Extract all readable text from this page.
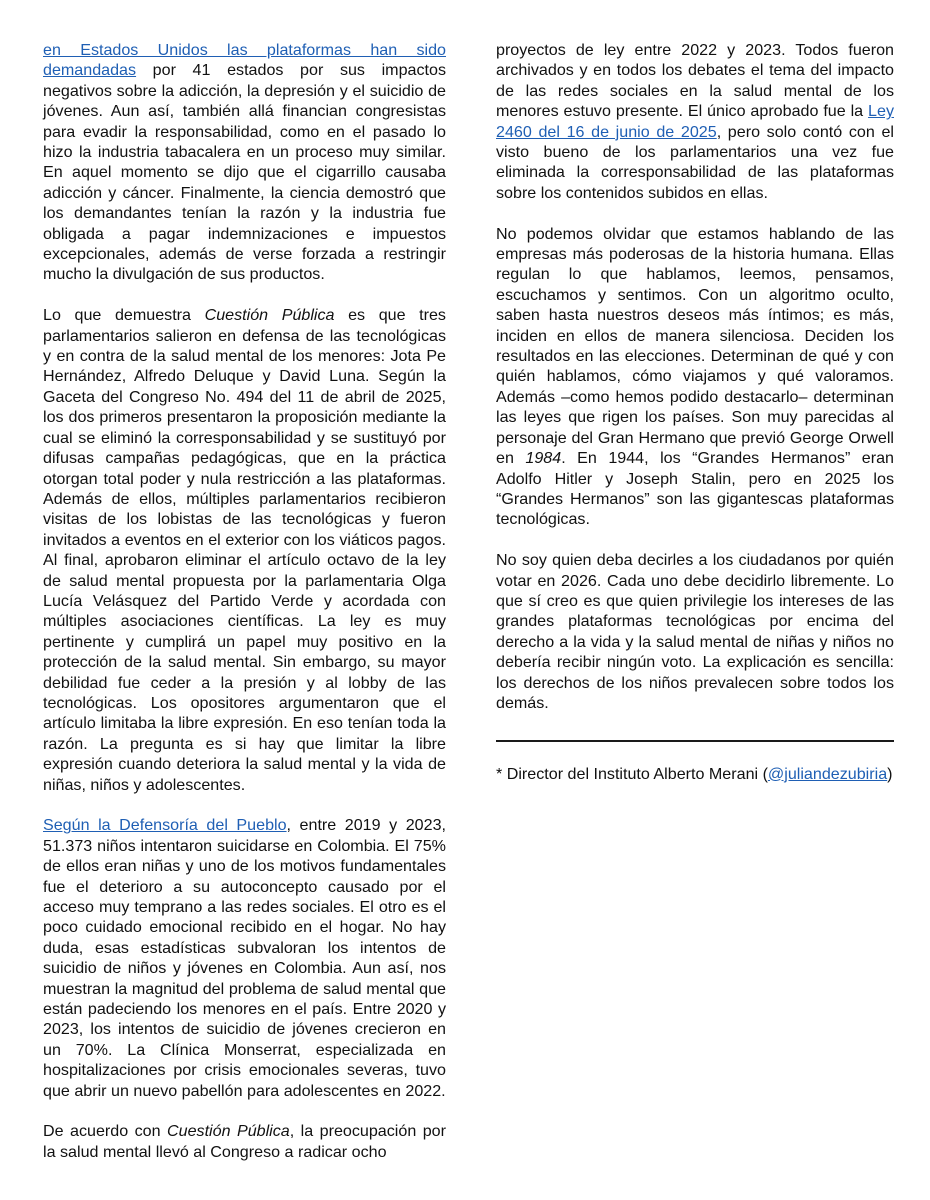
en Estados Unidos las plataformas han sido demandadas por 41 estados por sus impactos negativos sobre la adicción, la depresión y el suicidio de jóvenes. Aun así, también allá financian congresistas para evadir la responsabilidad, como en el pasado lo hizo la industria tabacalera en un proceso muy similar. En aquel momento se dijo que el cigarrillo causaba adicción y cáncer. Finalmente, la ciencia demostró que los demandantes tenían la razón y la industria fue obligada a pagar indemnizaciones e impuestos excepcionales, además de verse forzada a restringir mucho la divulgación de sus productos.

Lo que demuestra Cuestión Pública es que tres parlamentarios salieron en defensa de las tecnológicas y en contra de la salud mental de los menores: Jota Pe Hernández, Alfredo Deluque y David Luna. Según la Gaceta del Congreso No. 494 del 11 de abril de 2025, los dos primeros presentaron la proposición mediante la cual se eliminó la corresponsabilidad y se sustituyó por difusas campañas pedagógicas, que en la práctica otorgan total poder y nula restricción a las plataformas. Además de ellos, múltiples parlamentarios recibieron visitas de los lobistas de las tecnológicas y fueron invitados a eventos en el exterior con los viáticos pagos. Al final, aprobaron eliminar el artículo octavo de la ley de salud mental propuesta por la parlamentaria Olga Lucía Velásquez del Partido Verde y acordada con múltiples asociaciones científicas. La ley es muy pertinente y cumplirá un papel muy positivo en la protección de la salud mental. Sin embargo, su mayor debilidad fue ceder a la presión y al lobby de las tecnológicas. Los opositores argumentaron que el artículo limitaba la libre expresión. En eso tenían toda la razón. La pregunta es si hay que limitar la libre expresión cuando deteriora la salud mental y la vida de niñas, niños y adolescentes.

Según la Defensoría del Pueblo, entre 2019 y 2023, 51.373 niños intentaron suicidarse en Colombia. El 75% de ellos eran niñas y uno de los motivos fundamentales fue el deterioro a su autoconcepto causado por el acceso muy temprano a las redes sociales. El otro es el poco cuidado emocional recibido en el hogar. No hay duda, esas estadísticas subvaloran los intentos de suicidio de niños y jóvenes en Colombia. Aun así, nos muestran la magnitud del problema de salud mental que están padeciendo los menores en el país. Entre 2020 y 2023, los intentos de suicidio de jóvenes crecieron en un 70%. La Clínica Monserrat, especializada en hospitalizaciones por crisis emocionales severas, tuvo que abrir un nuevo pabellón para adolescentes en 2022.

De acuerdo con Cuestión Pública, la preocupación por la salud mental llevó al Congreso a radicar ocho

proyectos de ley entre 2022 y 2023. Todos fueron archivados y en todos los debates el tema del impacto de las redes sociales en la salud mental de los menores estuvo presente. El único aprobado fue la Ley 2460 del 16 de junio de 2025, pero solo contó con el visto bueno de los parlamentarios una vez fue eliminada la corresponsabilidad de las plataformas sobre los contenidos subidos en ellas.

No podemos olvidar que estamos hablando de las empresas más poderosas de la historia humana. Ellas regulan lo que hablamos, leemos, pensamos, escuchamos y sentimos. Con un algoritmo oculto, saben hasta nuestros deseos más íntimos; es más, inciden en ellos de manera silenciosa. Deciden los resultados en las elecciones. Determinan de qué y con quién hablamos, cómo viajamos y qué valoramos. Además –como hemos podido destacarlo– determinan las leyes que rigen los países. Son muy parecidas al personaje del Gran Hermano que previó George Orwell en 1984. En 1944, los “Grandes Hermanos” eran Adolfo Hitler y Joseph Stalin, pero en 2025 los “Grandes Hermanos” son las gigantescas plataformas tecnológicas.

No soy quien deba decirles a los ciudadanos por quién votar en 2026. Cada uno debe decidirlo libremente. Lo que sí creo es que quien privilegie los intereses de las grandes plataformas tecnológicas por encima del derecho a la vida y la salud mental de niñas y niños no debería recibir ningún voto. La explicación es sencilla: los derechos de los niños prevalecen sobre todos los demás.

* Director del Instituto Alberto Merani (@juliandezubiria)
